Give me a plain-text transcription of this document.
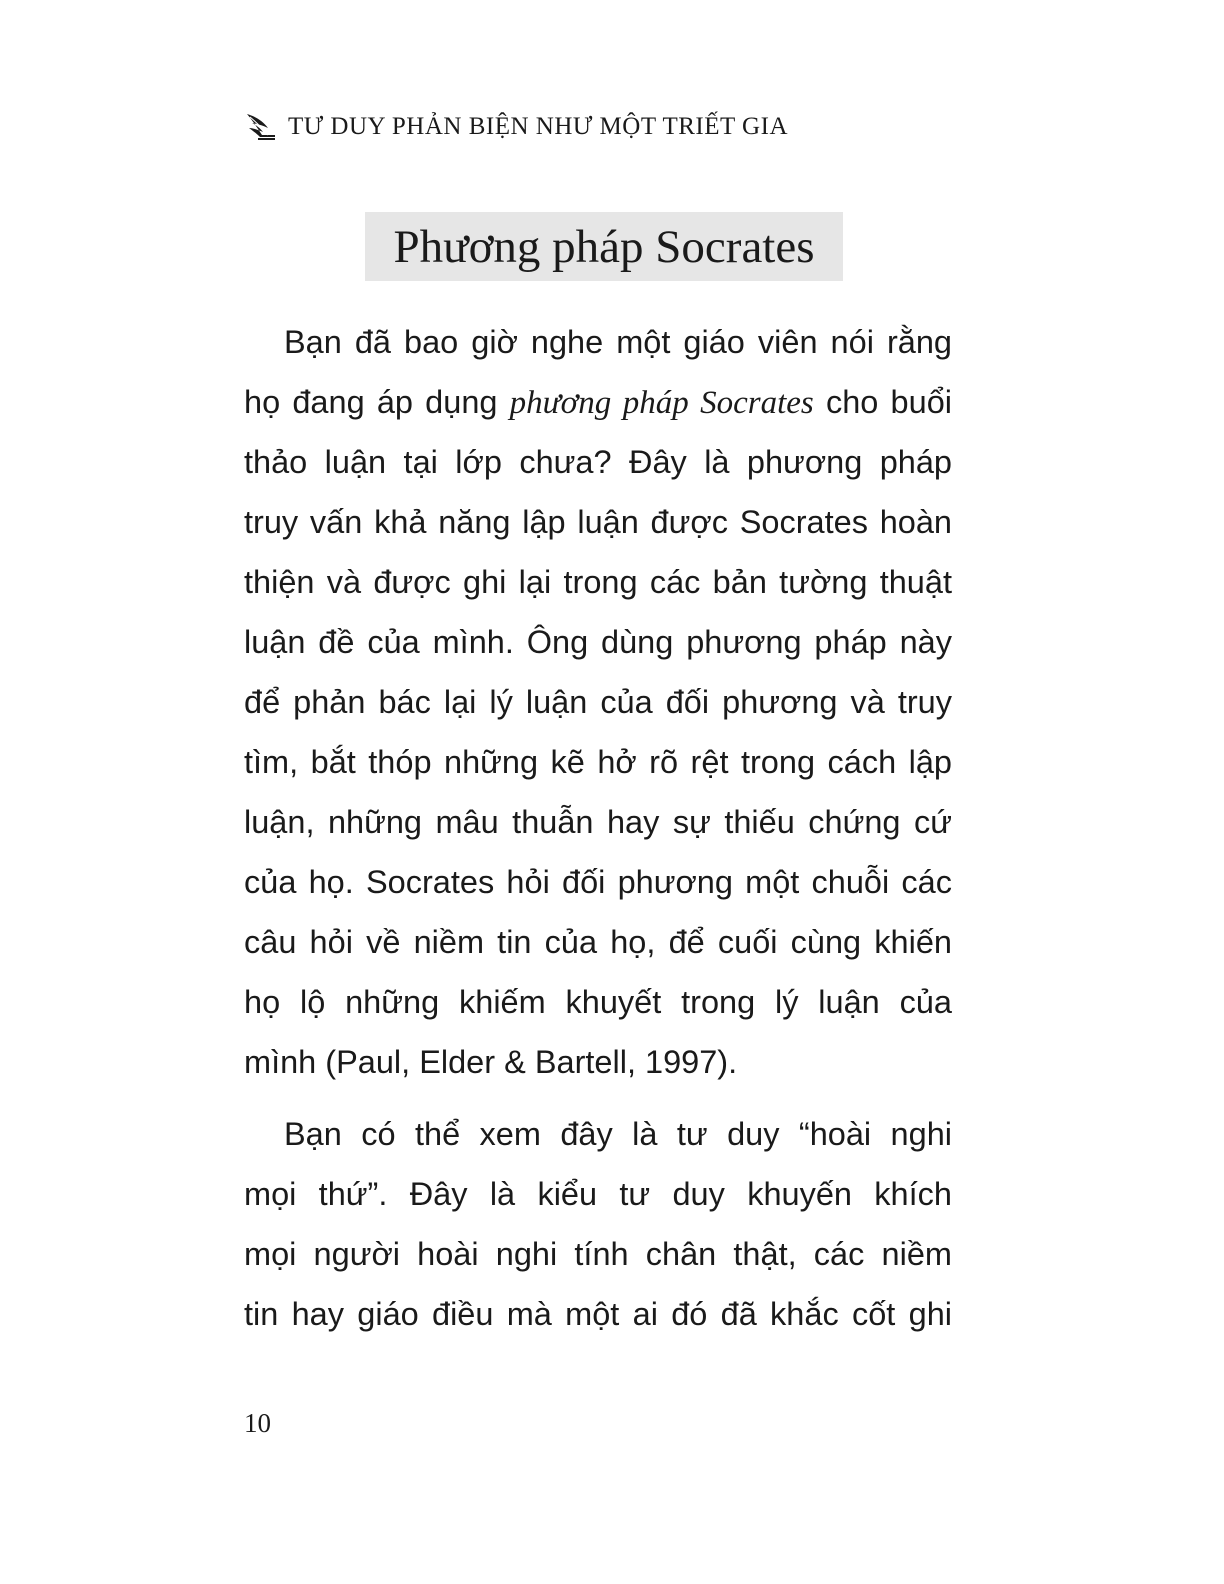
TƯ DUY PHẢN BIỆN NHƯ MỘT TRIẾT GIA
Phương pháp Socrates
Bạn đã bao giờ nghe một giáo viên nói rằng
họ đang áp dụng phương pháp Socrates cho buổi
thảo luận tại lớp chưa? Đây là phương pháp
truy vấn khả năng lập luận được Socrates hoàn
thiện và được ghi lại trong các bản tường thuật
luận đề của mình. Ông dùng phương pháp này
để phản bác lại lý luận của đối phương và truy
tìm, bắt thóp những kẽ hở rõ rệt trong cách lập
luận, những mâu thuẫn hay sự thiếu chứng cứ
của họ. Socrates hỏi đối phương một chuỗi các
câu hỏi về niềm tin của họ, để cuối cùng khiến
họ lộ những khiếm khuyết trong lý luận của
mình (Paul, Elder & Bartell, 1997).
Bạn có thể xem đây là tư duy “hoài nghi
mọi thứ”. Đây là kiểu tư duy khuyến khích
mọi người hoài nghi tính chân thật, các niềm
tin hay giáo điều mà một ai đó đã khắc cốt ghi
10
